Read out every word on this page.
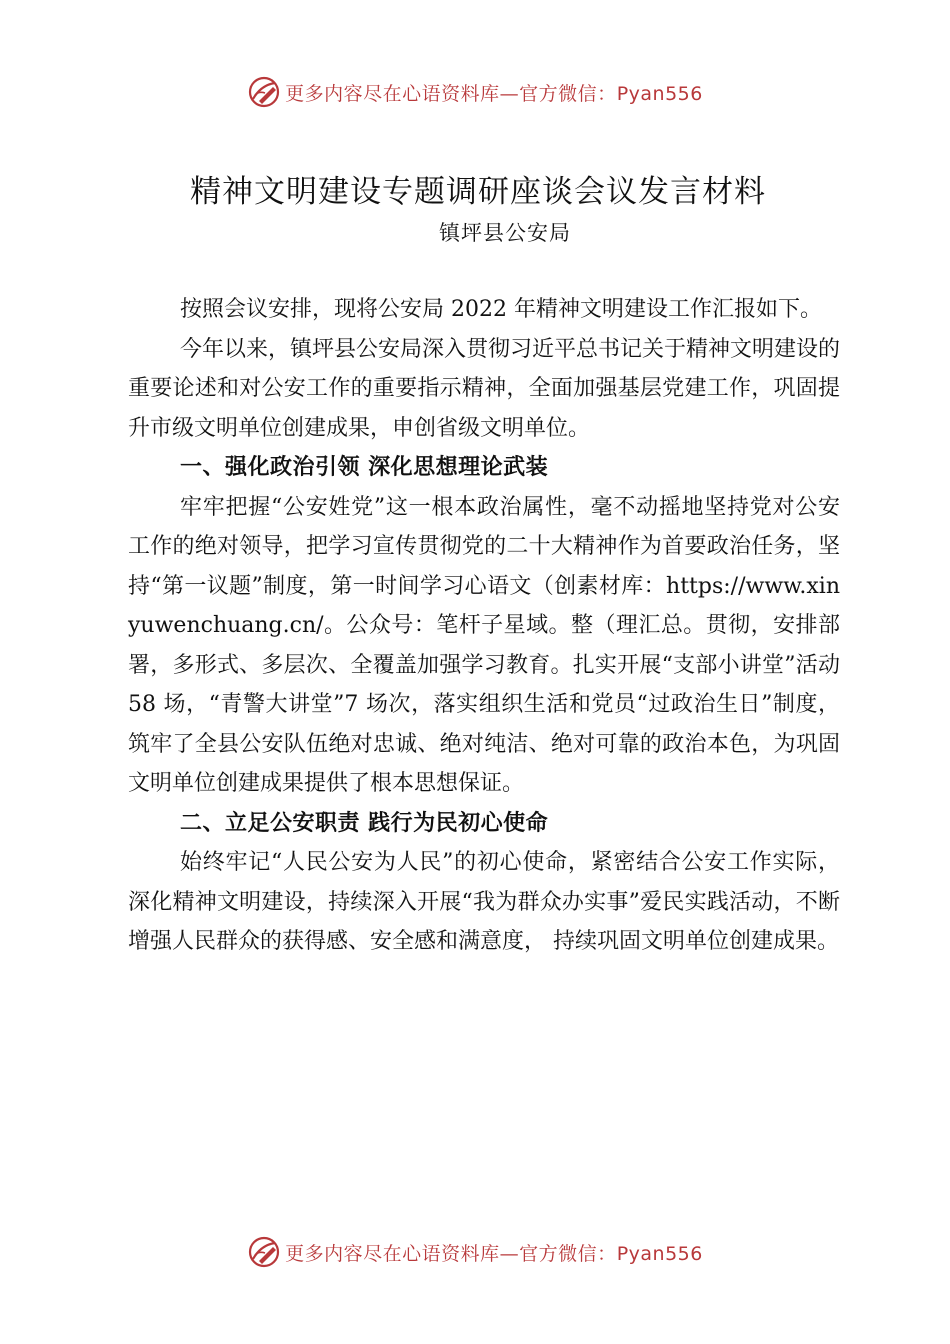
更多内容尽在心语资料库—官方微信：Pyan556
精神文明建设专题调研座谈会议发言材料
镇坪县公安局

按照会议安排，现将公安局 2022 年精神文明建设工作汇报如下。

今年以来，镇坪县公安局深入贯彻习近平总书记关于精神文明建设的重要论述和对公安工作的重要指示精神，全面加强基层党建工作，巩固提升市级文明单位创建成果，申创省级文明单位。

一、强化政治引领 深化思想理论武装

牢牢把握“公安姓党”这一根本政治属性，毫不动摇地坚持党对公安工作的绝对领导，把学习宣传贯彻党的二十大精神作为首要政治任务，坚持“第一议题”制度，第一时间学习心语文（创素材库：https://www.xinyuwenchuang.cn/。公众号：笔杆子星域。整（理汇总。贯彻，安排部署，多形式、多层次、全覆盖加强学习教育。扎实开展“支部小讲堂”活动 58 场，“青警大讲堂”7 场次，落实组织生活和党员“过政治生日”制度，筑牢了全县公安队伍绝对忠诚、绝对纯洁、绝对可靠的政治本色，为巩固文明单位创建成果提供了根本思想保证。

二、立足公安职责 践行为民初心使命

始终牢记“人民公安为人民”的初心使命，紧密结合公安工作实际，深化精神文明建设，持续深入开展“我为群众办实事”爱民实践活动，不断增强人民群众的获得感、安全感和满意度， 持续巩固文明单位创建成果。

更多内容尽在心语资料库—官方微信：Pyan556
